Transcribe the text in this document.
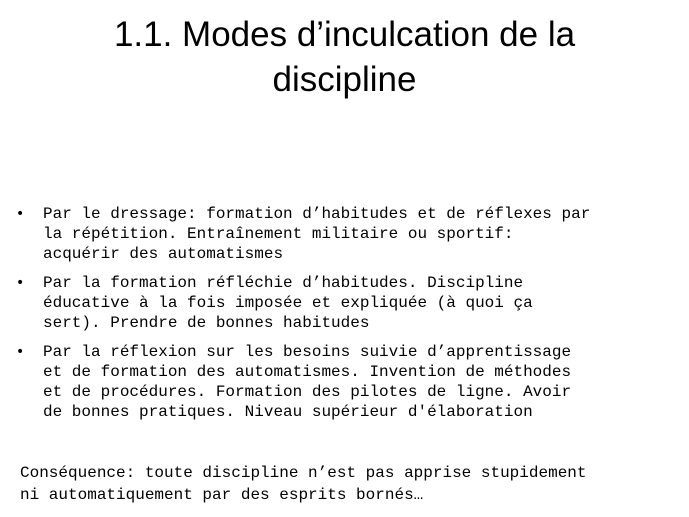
1.1. Modes d’inculcation de la
discipline
• Par le dressage: formation d’habitudes et de réflexes par
la répétition. Entraînement militaire ou sportif:
acquérir des automatismes
• Par la formation réfléchie d’habitudes. Discipline
éducative à la fois imposée et expliquée (à quoi ça
sert). Prendre de bonnes habitudes
• Par la réflexion sur les besoins suivie d’apprentissage
et de formation des automatismes. Invention de méthodes
et de procédures. Formation des pilotes de ligne. Avoir
de bonnes pratiques. Niveau supérieur d'élaboration

Conséquence: toute discipline n’est pas apprise stupidement
ni automatiquement par des esprits bornés…
